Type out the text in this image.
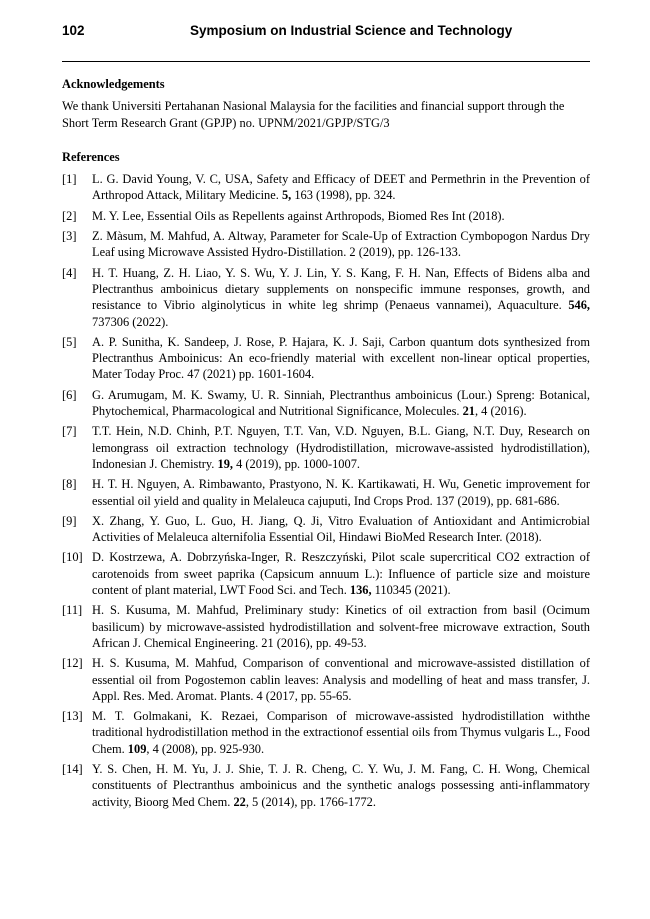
102	Symposium on Industrial Science and Technology
Acknowledgements

We thank Universiti Pertahanan Nasional Malaysia for the facilities and financial support through the Short Term Research Grant (GPJP) no. UPNM/2021/GPJP/STG/3

References
[1] L. G. David Young, V. C, USA, Safety and Efficacy of DEET and Permethrin in the Prevention of Arthropod Attack, Military Medicine. 5, 163 (1998), pp. 324.
[2] M. Y. Lee, Essential Oils as Repellents against Arthropods, Biomed Res Int (2018).
[3] Z. Màsum, M. Mahfud, A. Altway, Parameter for Scale-Up of Extraction Cymbopogon Nardus Dry Leaf using Microwave Assisted Hydro-Distillation. 2 (2019), pp. 126-133.
[4] H. T. Huang, Z. H. Liao, Y. S. Wu, Y. J. Lin, Y. S. Kang, F. H. Nan, Effects of Bidens alba and Plectranthus amboinicus dietary supplements on nonspecific immune responses, growth, and resistance to Vibrio alginolyticus in white leg shrimp (Penaeus vannamei), Aquaculture. 546, 737306 (2022).
[5] A. P. Sunitha, K. Sandeep, J. Rose, P. Hajara, K. J. Saji, Carbon quantum dots synthesized from Plectranthus Amboinicus: An eco-friendly material with excellent non-linear optical properties, Mater Today Proc. 47 (2021) pp. 1601-1604.
[6] G. Arumugam, M. K. Swamy, U. R. Sinniah, Plectranthus amboinicus (Lour.) Spreng: Botanical, Phytochemical, Pharmacological and Nutritional Significance, Molecules. 21, 4 (2016).
[7] T.T. Hein, N.D. Chinh, P.T. Nguyen, T.T. Van, V.D. Nguyen, B.L. Giang, N.T. Duy, Research on lemongrass oil extraction technology (Hydrodistillation, microwave-assisted hydrodistillation), Indonesian J. Chemistry. 19, 4 (2019), pp. 1000-1007.
[8] H. T. H. Nguyen, A. Rimbawanto, Prastyono, N. K. Kartikawati, H. Wu, Genetic improvement for essential oil yield and quality in Melaleuca cajuputi, Ind Crops Prod. 137 (2019), pp. 681-686.
[9] X. Zhang, Y. Guo, L. Guo, H. Jiang, Q. Ji, Vitro Evaluation of Antioxidant and Antimicrobial Activities of Melaleuca alternifolia Essential Oil, Hindawi BioMed Research Inter. (2018).
[10] D. Kostrzewa, A. Dobrzyńska-Inger, R. Reszczyński, Pilot scale supercritical CO2 extraction of carotenoids from sweet paprika (Capsicum annuum L.): Influence of particle size and moisture content of plant material, LWT Food Sci. and Tech. 136, 110345 (2021).
[11] H. S. Kusuma, M. Mahfud, Preliminary study: Kinetics of oil extraction from basil (Ocimum basilicum) by microwave-assisted hydrodistillation and solvent-free microwave extraction, South African J. Chemical Engineering. 21 (2016), pp. 49-53.
[12] H. S. Kusuma, M. Mahfud, Comparison of conventional and microwave-assisted distillation of essential oil from Pogostemon cablin leaves: Analysis and modelling of heat and mass transfer, J. Appl. Res. Med. Aromat. Plants. 4 (2017, pp. 55-65.
[13] M. T. Golmakani, K. Rezaei, Comparison of microwave-assisted hydrodistillation withthe traditional hydrodistillation method in the extractionof essential oils from Thymus vulgaris L., Food Chem. 109, 4 (2008), pp. 925-930.
[14] Y. S. Chen, H. M. Yu, J. J. Shie, T. J. R. Cheng, C. Y. Wu, J. M. Fang, C. H. Wong, Chemical constituents of Plectranthus amboinicus and the synthetic analogs possessing anti-inflammatory activity, Bioorg Med Chem. 22, 5 (2014), pp. 1766-1772.
